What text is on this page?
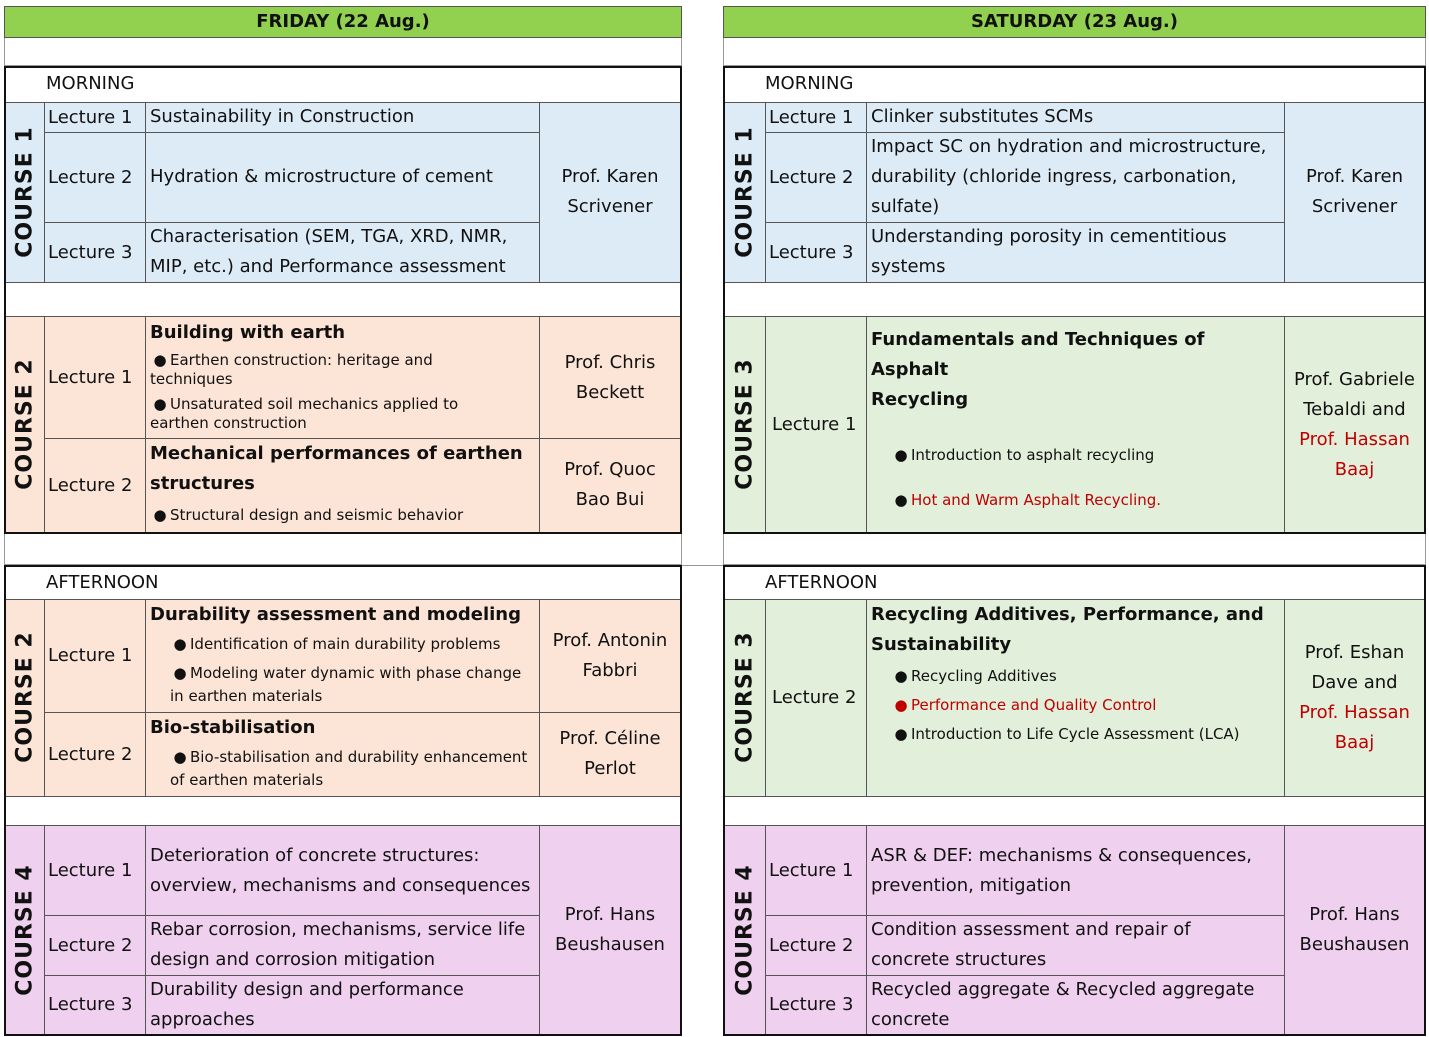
FRIDAY (22 Aug.)
MORNING
COURSE 1
Lecture 1
Lecture 2
Lecture 3
Sustainability in Construction
Hydration & microstructure of cement
Characterisation (SEM, TGA, XRD, NMR,
MIP, etc.) and Performance assessment
Prof. Karen
Scrivener
COURSE 2 Lecture 1
Lecture 2
Building with earth
● Earthen construction: heritage and
techniques
● Unsaturated soil mechanics applied to
earthen construction
Mechanical performances of earthen
structures
● Structural design and seismic behavior
Prof. Chris
Beckett
Prof. Quoc
Bao Bui
AFTERNOON
COURSE 2 Lecture 1
Lecture 2
Durability assessment and modeling
● Identification of main durability problems
● Modeling water dynamic with phase change
in earthen materials
Bio-stabilisation
● Bio-stabilisation and durability enhancement
of earthen materials
Prof. Antonin
Fabbri
Prof. Céline
Perlot
COURSE 4 Lecture 1
Lecture 2
Lecture 3
Deterioration of concrete structures:
overview, mechanisms and consequences
Rebar corrosion, mechanisms, service life
design and corrosion mitigation
Durability design and performance
approaches
Prof. Hans
Beushausen
SATURDAY (23 Aug.)
MORNING
COURSE 1
Lecture 1
Lecture 2
Lecture 3
Clinker substitutes SCMs
Impact SC on hydration and microstructure,
durability (chloride ingress, carbonation,
sulfate)
Understanding porosity in cementitious
systems
Prof. Karen
Scrivener
COURSE 3 Lecture 1
Fundamentals and Techniques of Asphalt
Recycling
● Introduction to asphalt recycling
● Hot and Warm Asphalt Recycling.
Prof. Gabriele
Tebaldi and
Prof. Hassan
Baaj
AFTERNOON
COURSE 3 Lecture 2
Recycling Additives, Performance, and
Sustainability
● Recycling Additives
● Performance and Quality Control
● Introduction to Life Cycle Assessment (LCA)
Prof. Eshan
Dave and
Prof. Hassan
Baaj
COURSE 4 Lecture 1
Lecture 2
Lecture 3
ASR & DEF: mechanisms & consequences,
prevention, mitigation
Condition assessment and repair of
concrete structures
Recycled aggregate & Recycled aggregate
concrete
Prof. Hans
Beushausen
